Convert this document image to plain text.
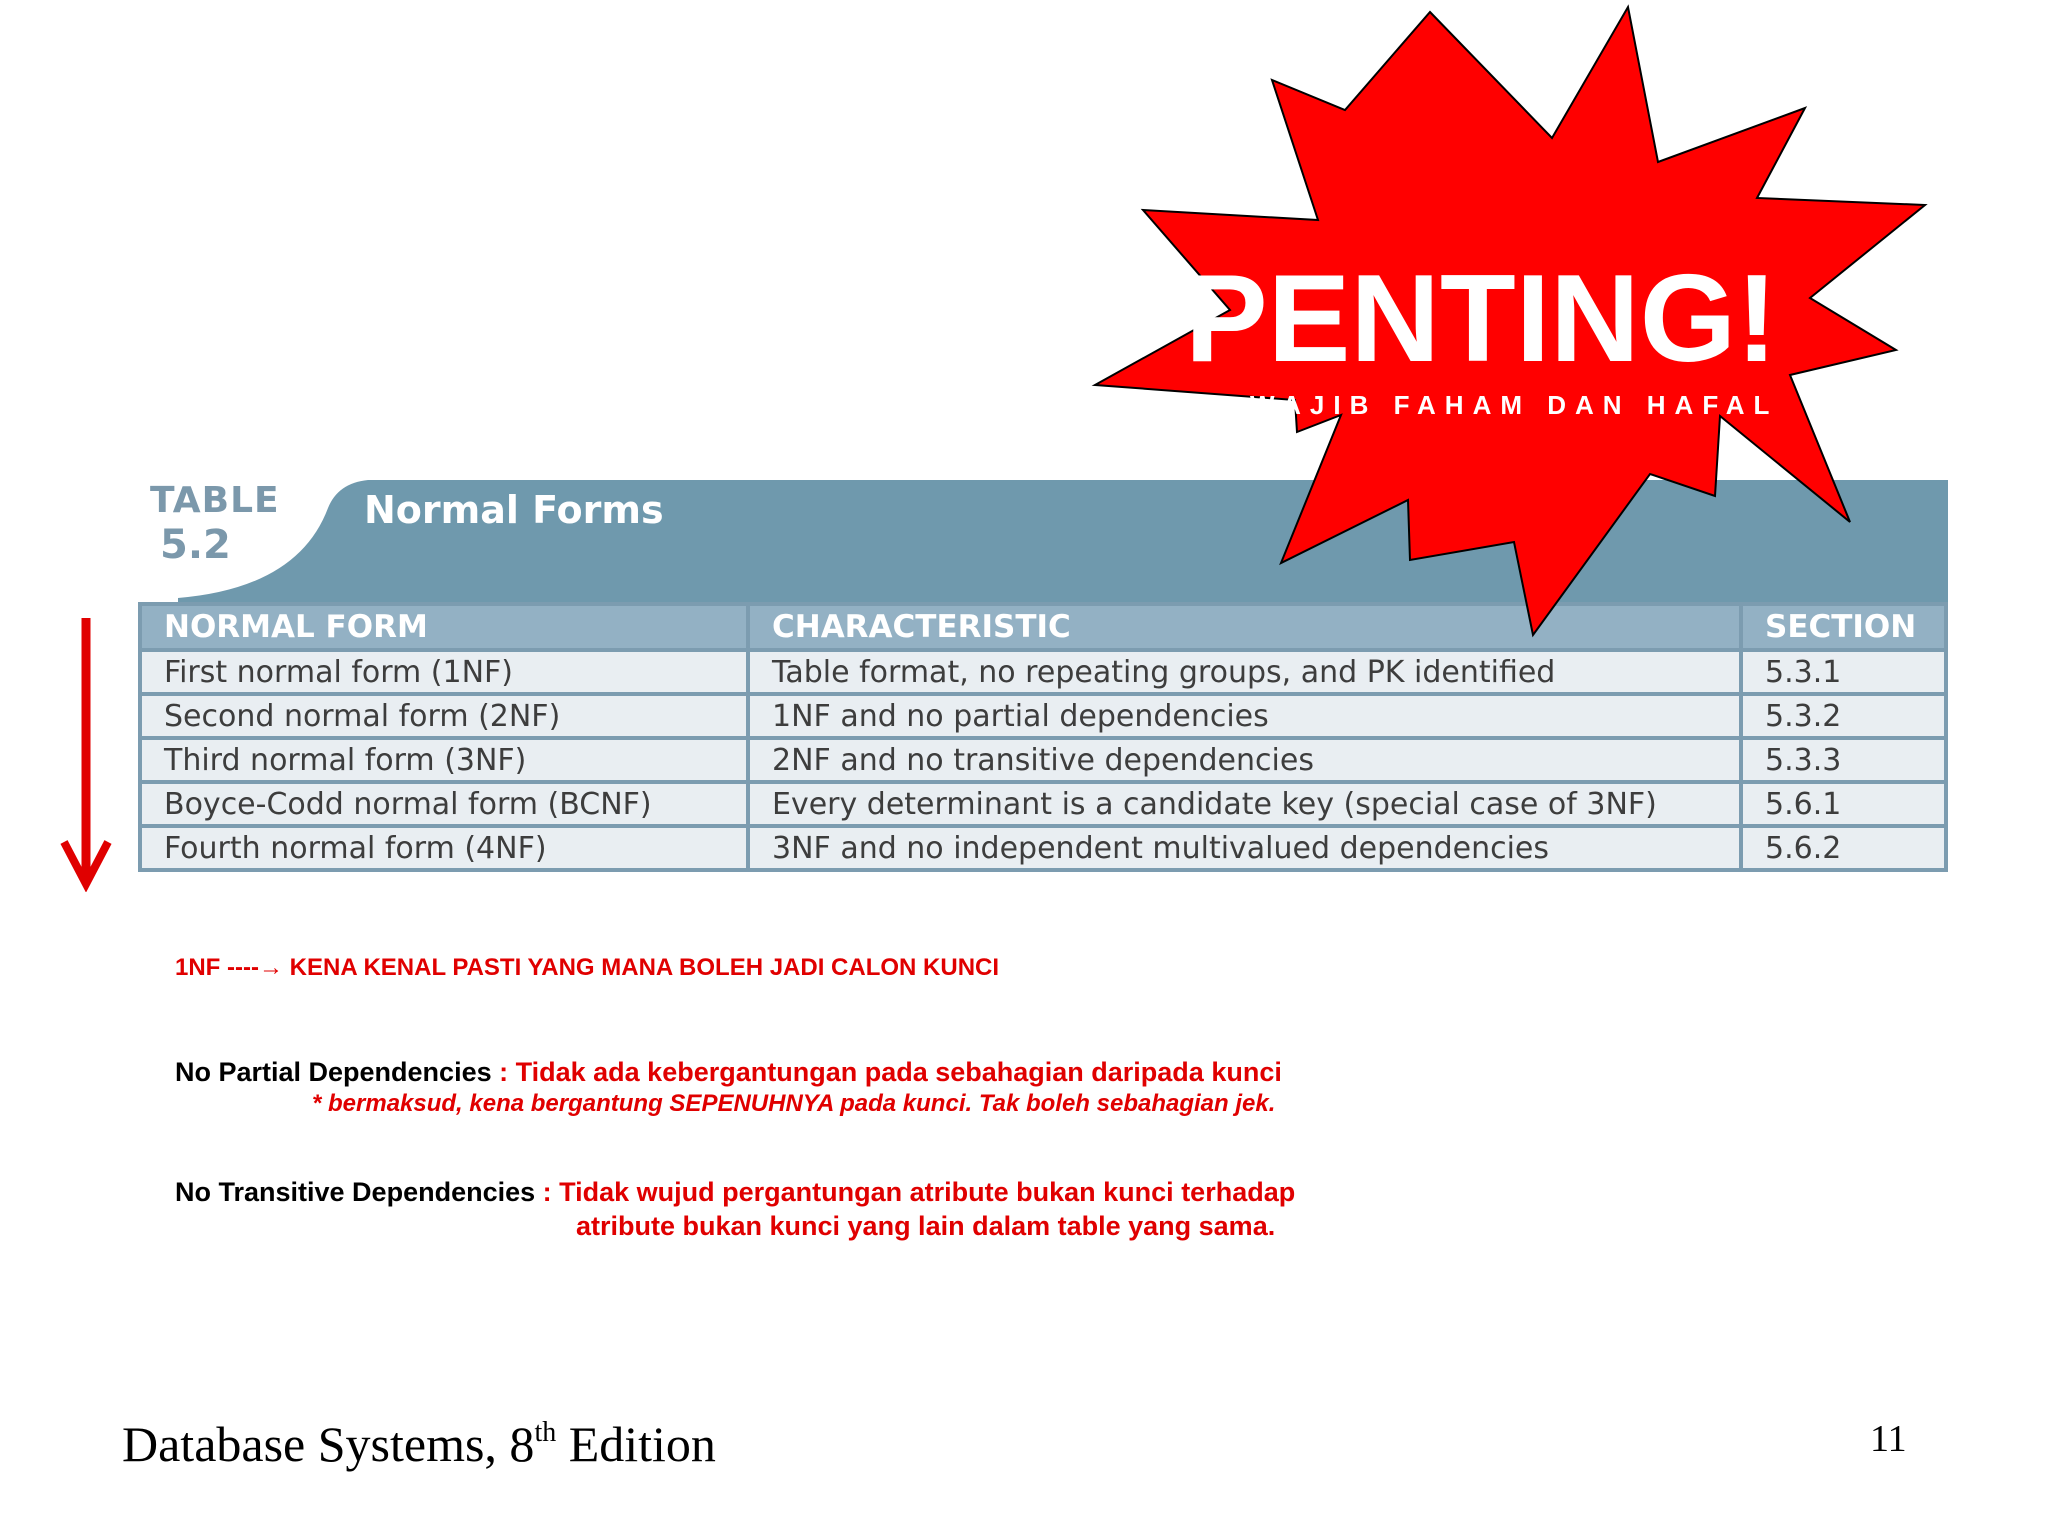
TABLE
5.2
Normal Forms
NORMAL FORM	CHARACTERISTIC	SECTION
First normal form (1NF)	Table format, no repeating groups, and PK identified	5.3.1
Second normal form (2NF)	1NF and no partial dependencies	5.3.2
Third normal form (3NF)	2NF and no transitive dependencies	5.3.3
Boyce-Codd normal form (BCNF)	Every determinant is a candidate key (special case of 3NF)	5.6.1
Fourth normal form (4NF)	3NF and no independent multivalued dependencies	5.6.2
1NF ----→ KENA KENAL PASTI YANG MANA BOLEH JADI CALON KUNCI
No Partial Dependencies : Tidak ada kebergantungan pada sebahagian daripada kunci
* bermaksud, kena bergantung SEPENUHNYA pada kunci. Tak boleh sebahagian jek.
No Transitive Dependencies : Tidak wujud pergantungan atribute bukan kunci terhadap
atribute bukan kunci yang lain dalam table yang sama.
PENTING!
WAJIB FAHAM DAN HAFAL
Database Systems, 8th Edition	11
